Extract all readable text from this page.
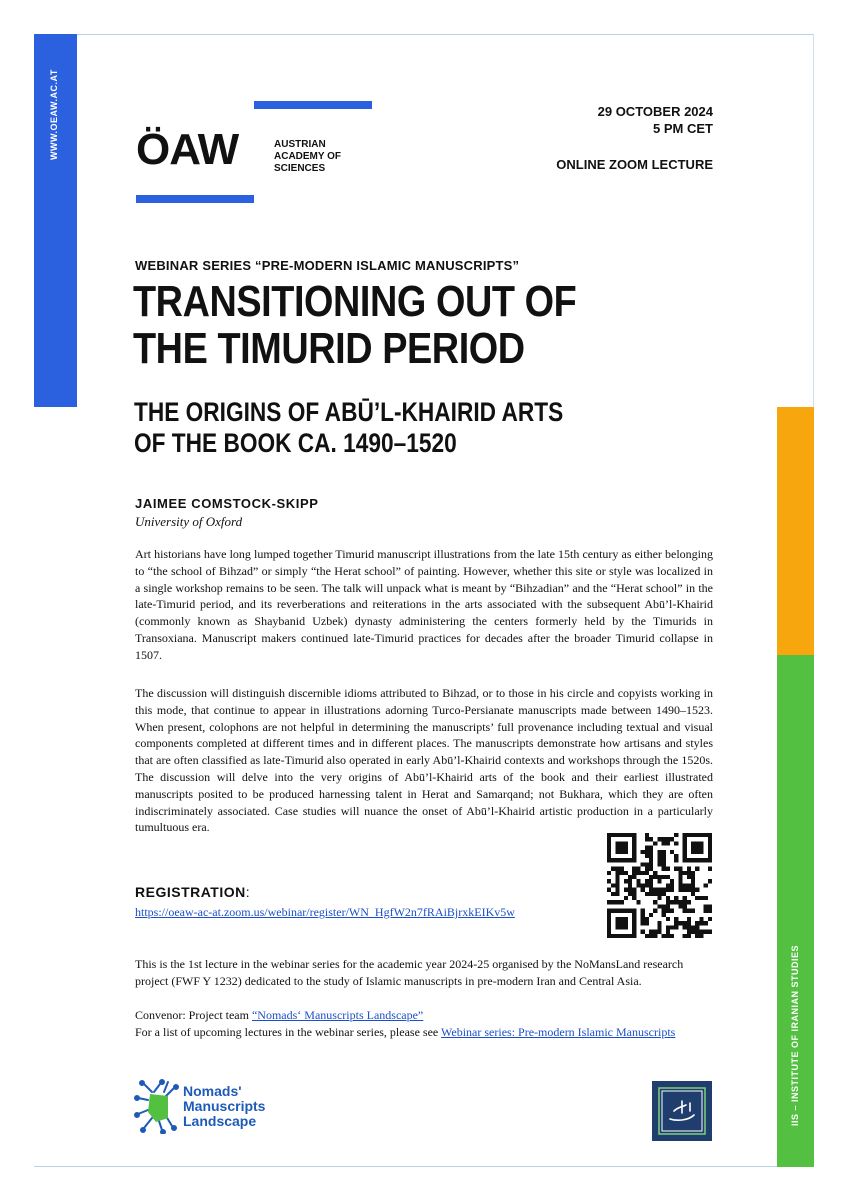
WWW.OEAW.AC.AT
IIS – INSTITUTE OF IRANIAN STUDIES
ÖAW	AUSTRIAN
ACADEMY OF
SCIENCES
29 OCTOBER 2024
5 PM CET
ONLINE ZOOM LECTURE
WEBINAR SERIES “PRE-MODERN ISLAMIC MANUSCRIPTS”
TRANSITIONING OUT OF
THE TIMURID PERIOD
THE ORIGINS OF ABŪ’L-KHAIRID ARTS
OF THE BOOK CA. 1490–1520
JAIMEE COMSTOCK-SKIPP
University of Oxford

Art historians have long lumped together Timurid manuscript illustrations from the late 15th century as either belonging to “the school of Bihzad” or simply “the Herat school” of painting. However, whether this site or style was localized in a single workshop remains to be seen. The talk will unpack what is meant by “Bihzadian” and the “Herat school” in the late-Timurid period, and its reverberations and reiterations in the arts associated with the subsequent Abū’l-Khairid (commonly known as Shaybanid Uzbek) dynasty administering the centers formerly held by the Timurids in Transoxiana. Manuscript makers continued late-Timurid practices for decades after the broader Timurid collapse in 1507.

The discussion will distinguish discernible idioms attributed to Bihzad, or to those in his circle and copyists working in this mode, that continue to appear in illustrations adorning Turco-Persianate manuscripts made between 1490–1523. When present, colophons are not helpful in determining the manuscripts’ full provenance including textual and visual components completed at different times and in different places. The manuscripts demonstrate how artisans and styles that are often classified as late-Timurid also operated in early Abū’l-Khairid contexts and workshops through the 1520s. The discussion will delve into the very origins of Abū’l-Khairid arts of the book and their earliest illustrated manuscripts posited to be produced harnessing talent in Herat and Samarqand; not Bukhara, which they are often indiscriminately associated. Case studies will nuance the onset of Abū’l-Khairid artistic production in a particularly tumultuous era.

REGISTRATION:
https://oeaw-ac-at.zoom.us/webinar/register/WN_HgfW2n7fRAiBjrxkEIKv5w

This is the 1st lecture in the webinar series for the academic year 2024-25 organised by the NoMansLand research project (FWF Y 1232) dedicated to the study of Islamic manuscripts in pre-modern Iran and Central Asia.

Convenor: Project team “Nomads‘ Manuscripts Landscape”

For a list of upcoming lectures in the webinar series, please see Webinar series: Pre-modern Islamic Manuscripts

Nomads'
Manuscripts
Landscape
